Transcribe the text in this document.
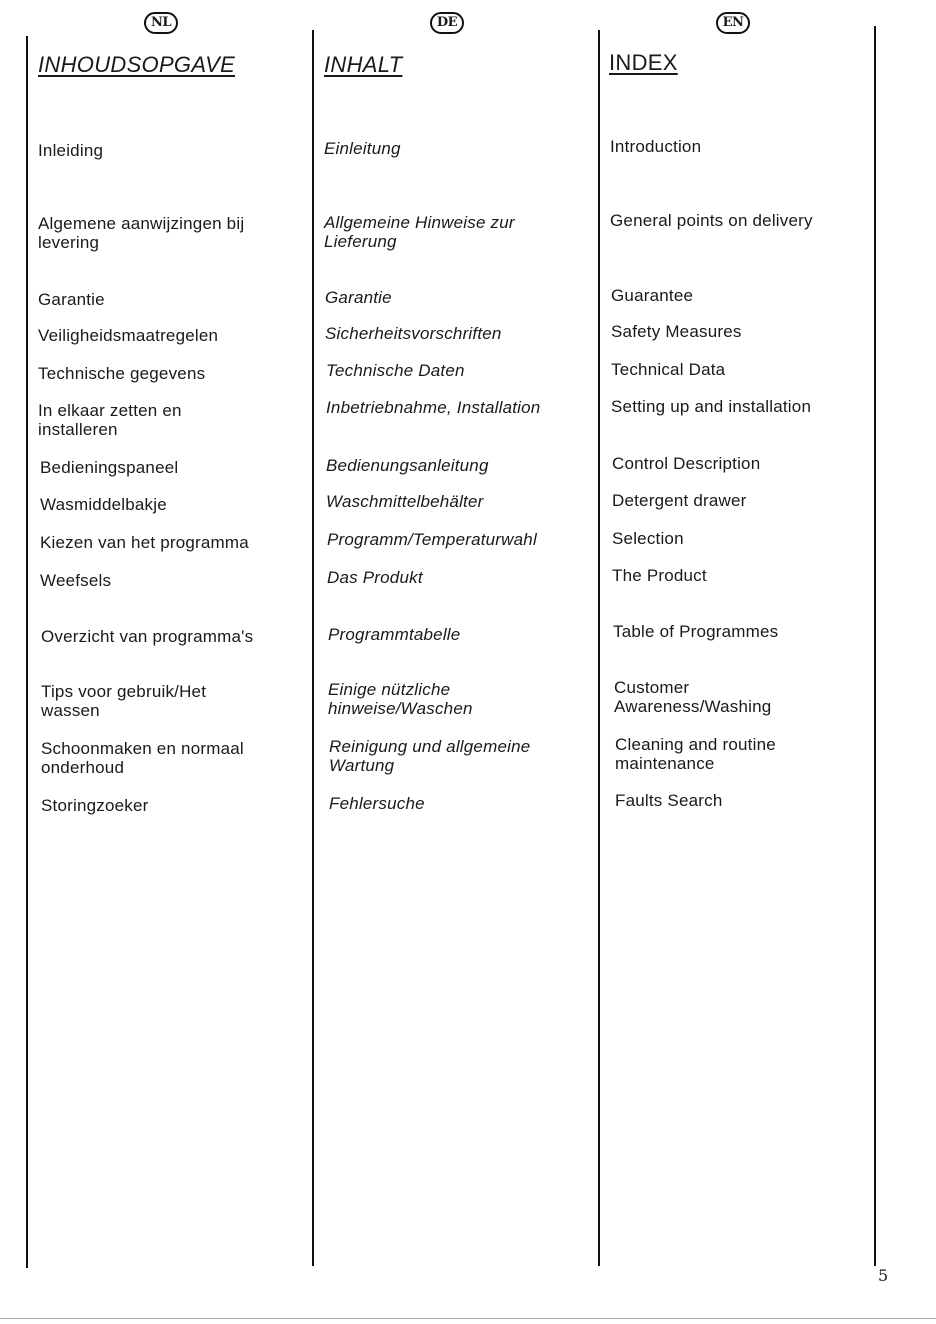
NL
INHOUDSOPGAVE
Inleiding
Algemene aanwijzingen bij levering
Garantie
Veiligheidsmaatregelen
Technische gegevens
In elkaar zetten en installeren
Bedieningspaneel
Wasmiddelbakje
Kiezen van het programma
Weefsels
Overzicht van programma's
Tips voor gebruik/Het wassen
Schoonmaken en normaal onderhoud
Storingzoeker
DE
INHALT
Einleitung
Allgemeine Hinweise zur Lieferung
Garantie
Sicherheitsvorschriften
Technische Daten
Inbetriebnahme, Installation
Bedienungsanleitung
Waschmittelbehälter
Programm/Temperaturwahl
Das Produkt
Programmtabelle
Einige nützliche hinweise/Waschen
Reinigung und allgemeine Wartung
Fehlersuche
EN
INDEX
Introduction
General points on delivery
Guarantee
Safety Measures
Technical Data
Setting up and installation
Control Description
Detergent drawer
Selection
The Product
Table of Programmes
Customer Awareness/Washing
Cleaning and routine maintenance
Faults Search
5
